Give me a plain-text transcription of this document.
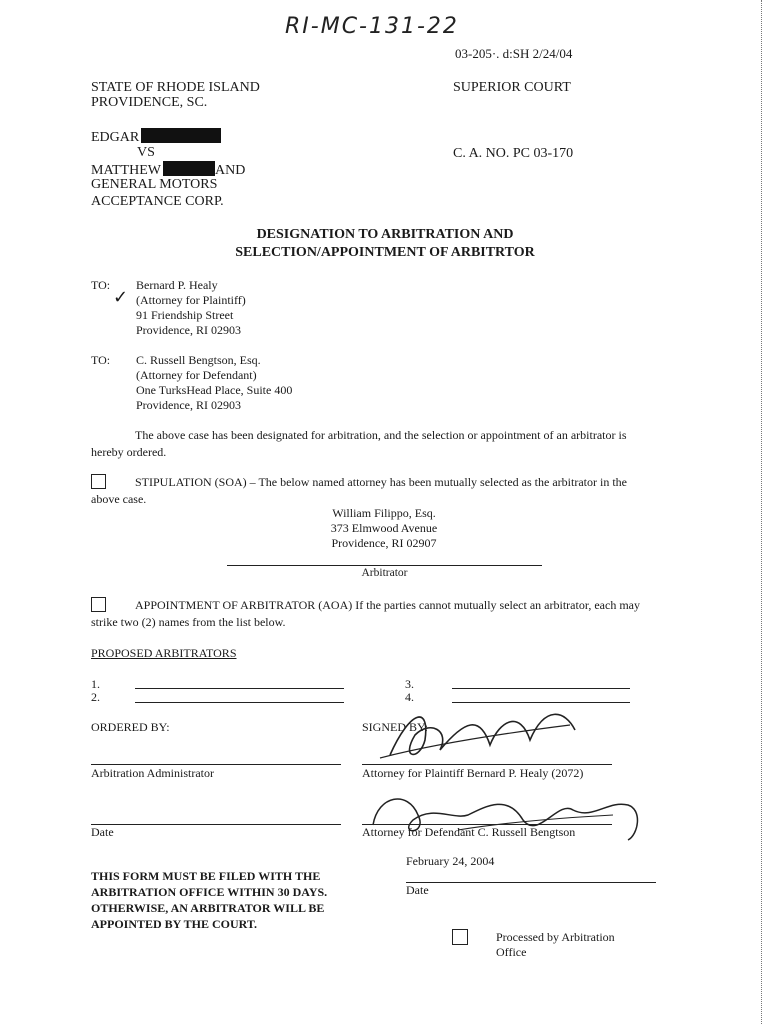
RI-MC-131-22
03-205·. d:SH 2/24/04
STATE OF RHODE ISLAND
PROVIDENCE, SC.
SUPERIOR COURT
EDGAR
VS
MATTHEW	AND
GENERAL MOTORS
ACCEPTANCE CORP.
C. A. NO. PC 03-170
DESIGNATION TO ARBITRATION AND
SELECTION/APPOINTMENT OF ARBITRTOR
TO:
✓
Bernard P. Healy
(Attorney for Plaintiff)
91 Friendship Street
Providence, RI 02903
TO: C. Russell Bengtson, Esq.
(Attorney for Defendant)
One TurksHead Place, Suite 400
Providence, RI 02903
The above case has been designated for arbitration, and the selection or appointment of an arbitrator is
hereby ordered.
STIPULATION (SOA) – The below named attorney has been mutually selected as the arbitrator in the
above case.
William Filippo, Esq.
373 Elmwood Avenue
Providence, RI 02907
Arbitrator
APPOINTMENT OF ARBITRATOR (AOA) If the parties cannot mutually select an arbitrator, each may
strike two (2) names from the list below.
PROPOSED ARBITRATORS
1.
2.
3.
4.
ORDERED BY:	SIGNED BY:
Arbitration Administrator	Attorney for Plaintiff Bernard P. Healy (2072)
Date	Attorney for Defendant C. Russell Bengtson
February 24, 2004
Date
THIS FORM MUST BE FILED WITH THE
ARBITRATION OFFICE WITHIN 30 DAYS.
OTHERWISE, AN ARBITRATOR WILL BE
APPOINTED BY THE COURT.
Processed by Arbitration
Office
